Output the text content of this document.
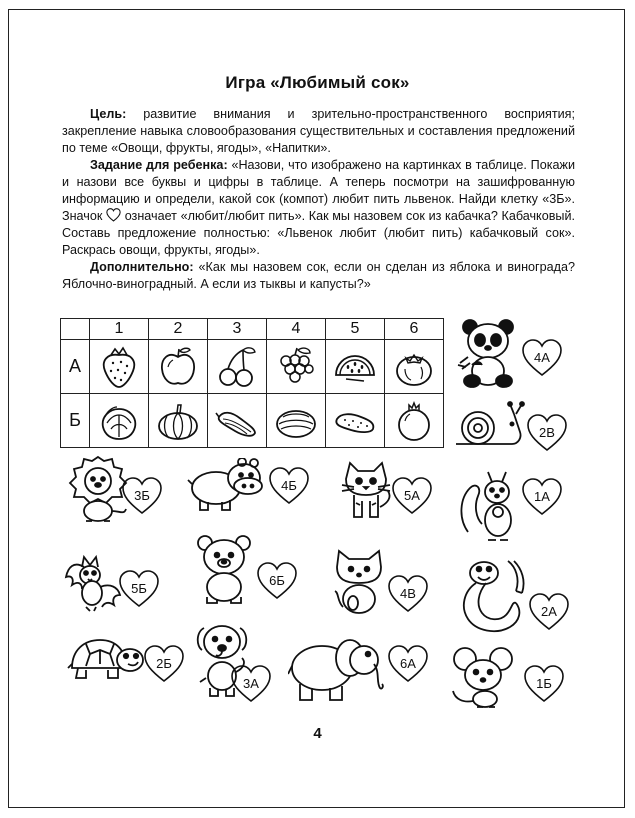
Игра «Любимый сок»

Цель: развитие внимания и зрительно-пространственного восприятия; закрепление навыка словообразования существительных и составления предложений по теме «Овощи, фрукты, ягоды», «Напитки».

Задание для ребенка: «Назови, что изображено на картинках в таблице. Покажи и назови все буквы и цифры в таблице. А теперь посмотри на зашифрованную информацию и определи, какой сок (компот) любит пить львенок. Найди клетку «3Б». Значок  означает «любит/любит пить». Как мы назовем сок из кабачка? Кабачковый. Составь предложение полностью: «Львенок любит (любит пить) кабачковый сок». Раскрась овощи, фрукты, ягоды».

Дополнительно: «Как мы назовем сок, если он сделан из яблока и винограда? Яблочно-виноградный. А если из тыквы и капусты?»

	1	2	3	4	5	6
А	

Б	

4А
2В
3Б
4Б
5А	1А
5Б
6Б
4В
2А
2Б
3А
6А
1Б
4
